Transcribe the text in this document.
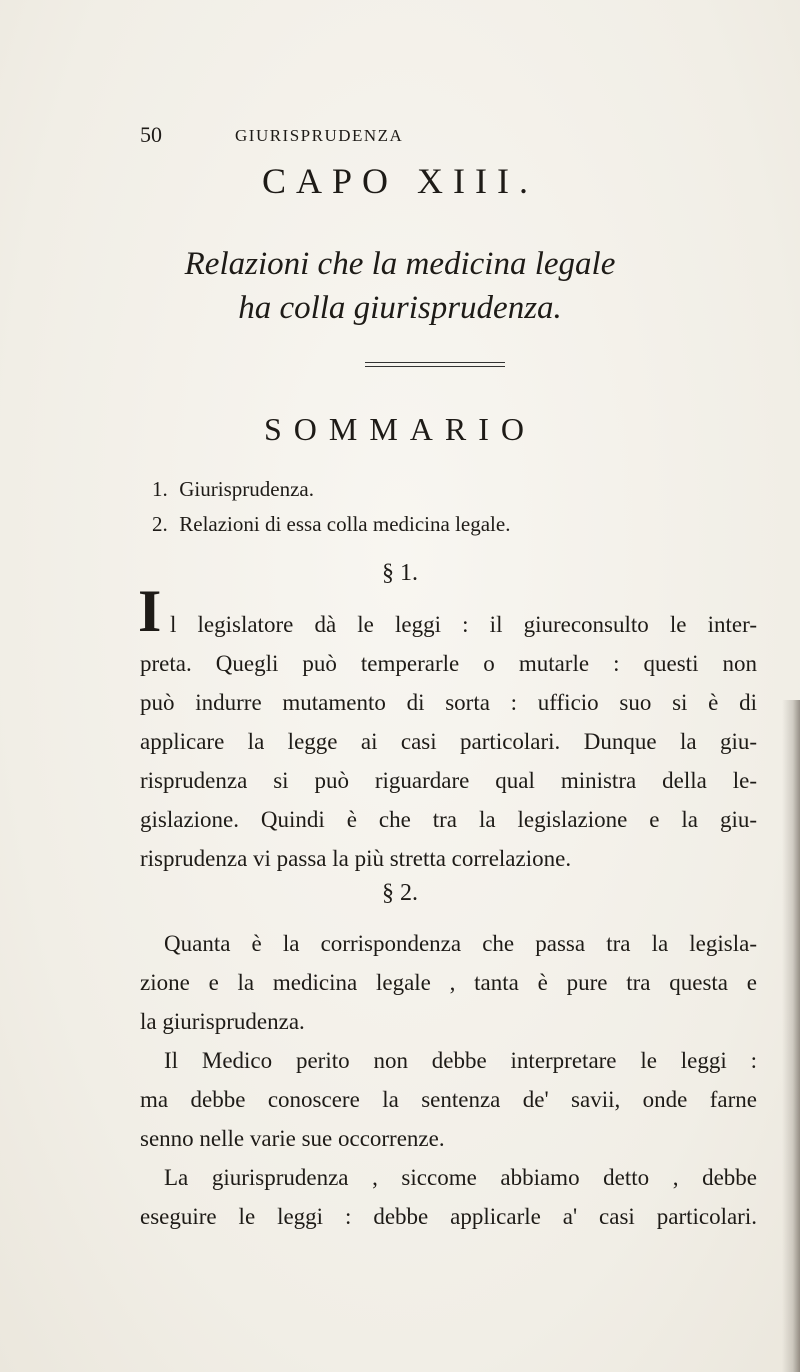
50	GIURISPRUDENZA
CAPO XIII.
Relazioni che la medicina legale
ha colla giurisprudenza.
SOMMARIO
1. Giurisprudenza.
2. Relazioni di essa colla medicina legale.
§ 1.
I l legislatore dà le leggi : il giureconsulto le inter-
preta. Quegli può temperarle o mutarle : questi non
può indurre mutamento di sorta : ufficio suo si è di
applicare la legge ai casi particolari. Dunque la giu-
risprudenza si può riguardare qual ministra della le-
gislazione. Quindi è che tra la legislazione e la giu-
risprudenza vi passa la più stretta correlazione.
§ 2.
Quanta è la corrispondenza che passa tra la legisla-
zione e la medicina legale , tanta è pure tra questa e
la giurisprudenza.
Il Medico perito non debbe interpretare le leggi :
ma debbe conoscere la sentenza de' savii, onde farne
senno nelle varie sue occorrenze.
La giurisprudenza , siccome abbiamo detto , debbe
eseguire le leggi : debbe applicarle a' casi particolari.
